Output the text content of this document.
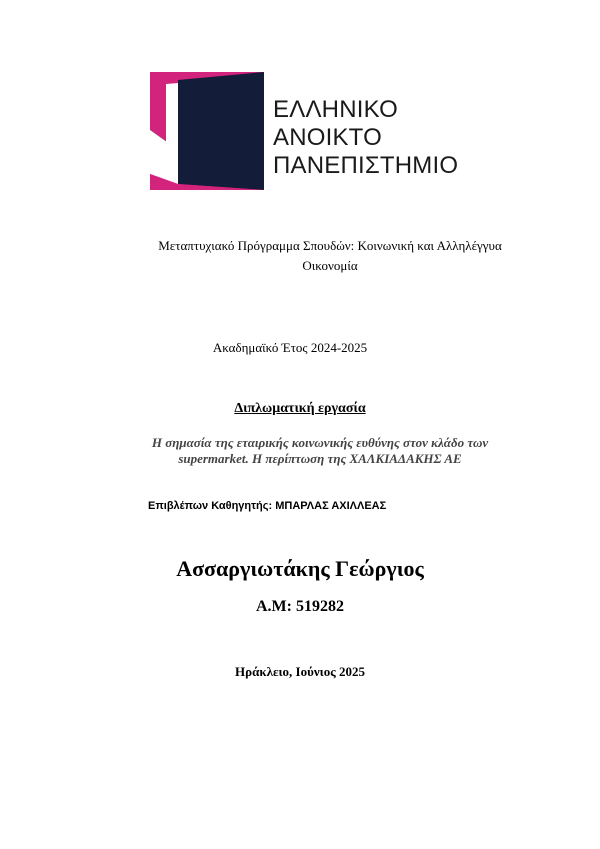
ΕΛΛΗΝΙΚΟ
ΑΝΟΙΚΤΟ
ΠΑΝΕΠΙΣΤΗΜΙΟ
Μεταπτυχιακό Πρόγραμμα Σπουδών: Κοινωνική και Αλληλέγγυα
Οικονομία
Ακαδημαϊκό Έτος 2024-2025
Διπλωματική εργασία
Η σημασία της εταιρικής κοινωνικής ευθύνης στον κλάδο των
supermarket. Η περίπτωση της ΧΑΛΚΙΑΔΑΚΗΣ ΑΕ
Επιβλέπων Καθηγητής: ΜΠΑΡΛΑΣ ΑΧΙΛΛΕΑΣ
Ασσαργιωτάκης Γεώργιος
Α.Μ: 519282
Ηράκλειο, Ιούνιος 2025
